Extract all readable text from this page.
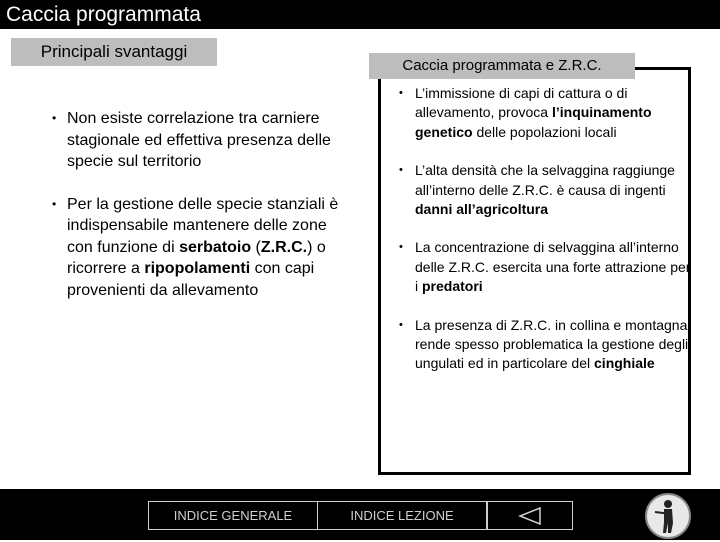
Caccia programmata
Principali svantaggi
• Non esiste correlazione tra carniere stagionale ed effettiva presenza delle specie sul territorio
• Per la gestione delle specie stanziali è indispensabile mantenere delle zone con funzione di serbatoio (Z.R.C.) o ricorrere a ripopolamenti con capi provenienti da allevamento
Caccia programmata e Z.R.C.
• L’immissione di capi di cattura o di allevamento, provoca l’inquinamento genetico delle popolazioni locali
• L’alta densità che la selvaggina raggiunge all’interno delle Z.R.C. è causa di ingenti danni all’agricoltura
• La concentrazione di selvaggina all’interno delle Z.R.C. esercita una forte attrazione per i predatori
• La presenza di Z.R.C. in collina e montagna rende spesso problematica la gestione degli ungulati ed in particolare del cinghiale
INDICE GENERALE	INDICE LEZIONE
